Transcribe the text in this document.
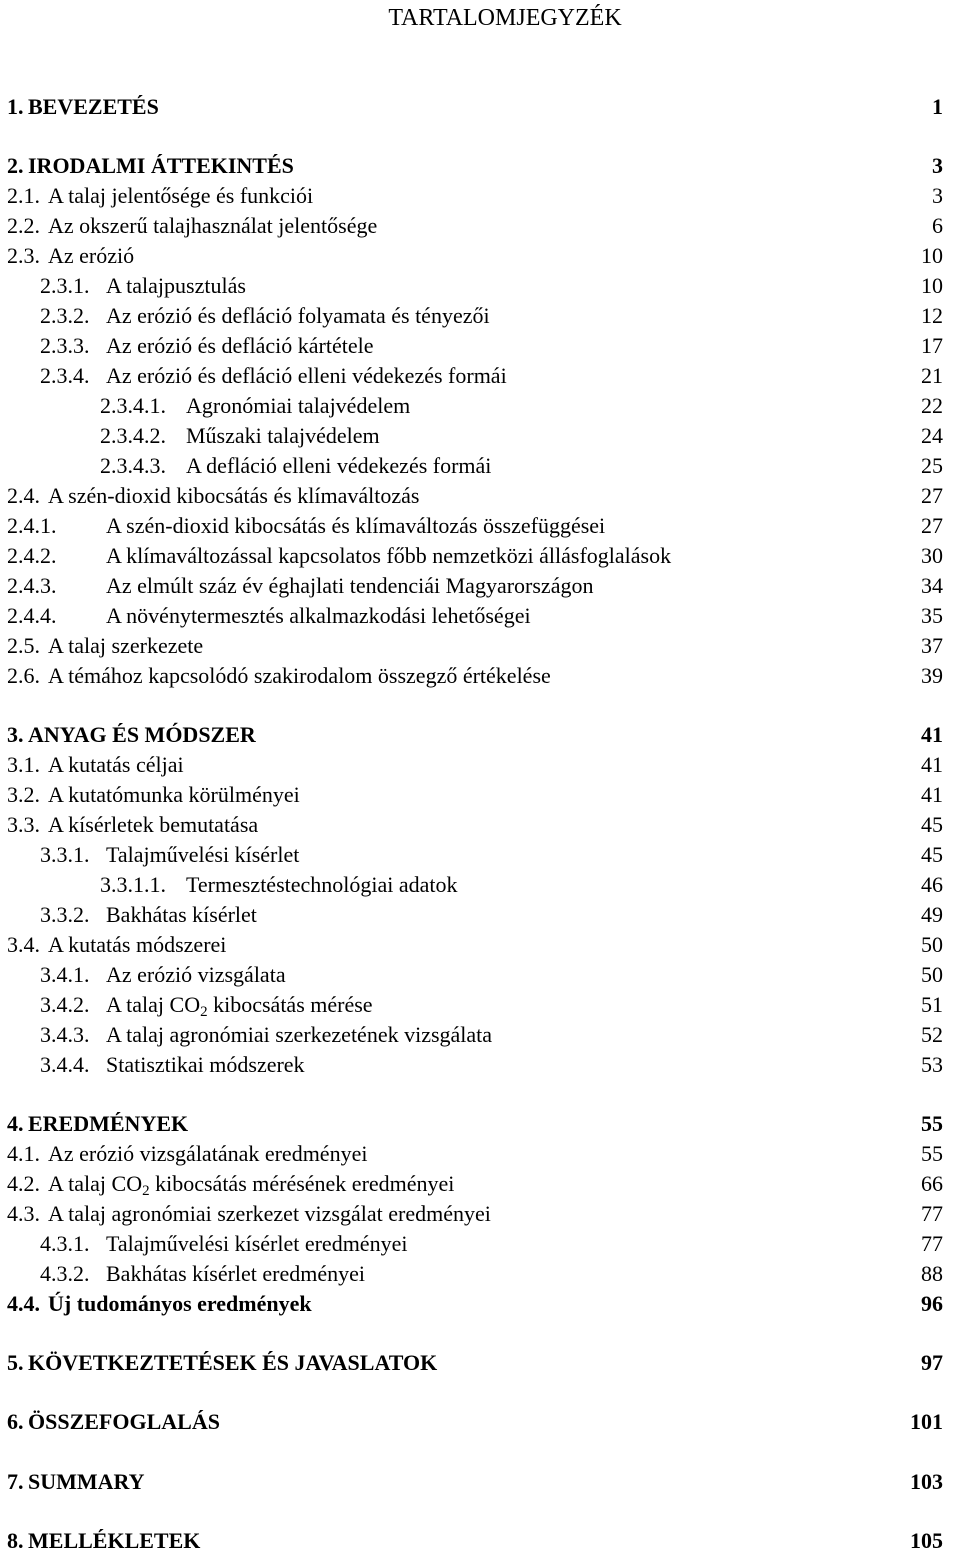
TARTALOMJEGYZÉK
1. BEVEZETÉS	1
2. IRODALMI ÁTTEKINTÉS	3
2.1. A talaj jelentősége és funkciói	3
2.2. Az okszerű talajhasználat jelentősége	6
2.3. Az erózió	10
2.3.1. A talajpusztulás	10
2.3.2. Az erózió és defláció folyamata és tényezői	12
2.3.3. Az erózió és defláció kártétele	17
2.3.4. Az erózió és defláció elleni védekezés formái	21
2.3.4.1. Agronómiai talajvédelem	22
2.3.4.2. Műszaki talajvédelem	24
2.3.4.3. A defláció elleni védekezés formái	25
2.4. A szén-dioxid kibocsátás és klímaváltozás	27
2.4.1. A szén-dioxid kibocsátás és klímaváltozás összefüggései	27
2.4.2. A klímaváltozással kapcsolatos főbb nemzetközi állásfoglalások	30
2.4.3. Az elmúlt száz év éghajlati tendenciái Magyarországon	34
2.4.4. A növénytermesztés alkalmazkodási lehetőségei	35
2.5. A talaj szerkezete	37
2.6. A témához kapcsolódó szakirodalom összegző értékelése	39
3. ANYAG ÉS MÓDSZER	41
3.1. A kutatás céljai	41
3.2. A kutatómunka körülményei	41
3.3. A kísérletek bemutatása	45
3.3.1. Talajművelési kísérlet	45
3.3.1.1. Termesztéstechnológiai adatok	46
3.3.2. Bakhátas kísérlet	49
3.4. A kutatás módszerei	50
3.4.1. Az erózió vizsgálata	50
3.4.2. A talaj $CO_2$ kibocsátás mérése	51
3.4.3. A talaj agronómiai szerkezetének vizsgálata	52
3.4.4. Statisztikai módszerek	53
4. EREDMÉNYEK	55
4.1. Az erózió vizsgálatának eredményei	55
4.2. A talaj $CO_2$ kibocsátás mérésének eredményei	66
4.3. A talaj agronómiai szerkezet vizsgálat eredményei	77
4.3.1. Talajművelési kísérlet eredményei	77
4.3.2. Bakhátas kísérlet eredményei	88
4.4. Új tudományos eredmények	96
5. KÖVETKEZTETÉSEK ÉS JAVASLATOK	97
6. ÖSSZEFOGLALÁS	101
7. SUMMARY	103
8. MELLÉKLETEK	105
